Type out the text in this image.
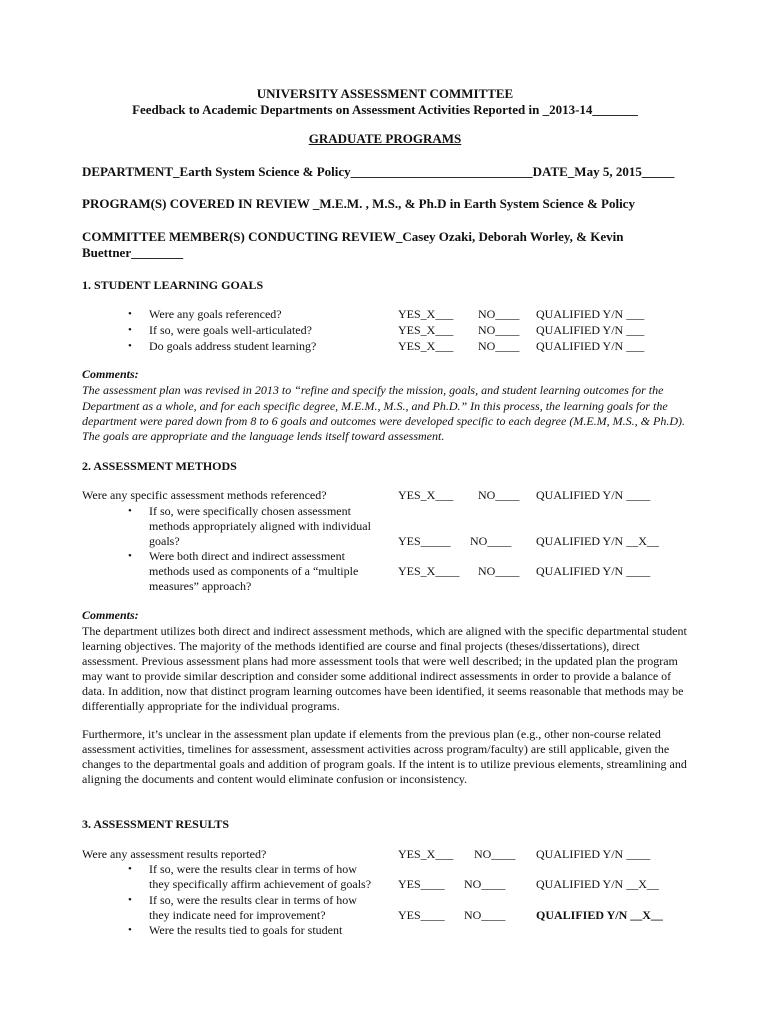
UNIVERSITY ASSESSMENT COMMITTEE
Feedback to Academic Departments on Assessment Activities Reported in _2013-14_______
GRADUATE PROGRAMS
DEPARTMENT_Earth System Science & Policy____________________________DATE_May 5, 2015_____
PROGRAM(S) COVERED IN REVIEW _M.E.M. , M.S., & Ph.D in Earth System Science & Policy
COMMITTEE MEMBER(S) CONDUCTING REVIEW_Casey Ozaki, Deborah Worley, & Kevin
Buettner________
1. STUDENT LEARNING GOALS
• Were any goals referenced?	YES_X___ NO____ QUALIFIED Y/N ___
• If so, were goals well-articulated?	YES_X___ NO____ QUALIFIED Y/N ___
• Do goals address student learning?	YES_X___ NO____ QUALIFIED Y/N ___
Comments:
The assessment plan was revised in 2013 to “refine and specify the mission, goals, and student learning outcomes for the
Department as a whole, and for each specific degree, M.E.M., M.S., and Ph.D.” In this process, the learning goals for the
department were pared down from 8 to 6 goals and outcomes were developed specific to each degree (M.E.M, M.S., & Ph.D).
The goals are appropriate and the language lends itself toward assessment.
2. ASSESSMENT METHODS
Were any specific assessment methods referenced?	YES_X___ NO____ QUALIFIED Y/N ____
• If so, were specifically chosen assessment
methods appropriately aligned with individual
goals?	YES_____ NO____ QUALIFIED Y/N __X__
• Were both direct and indirect assessment
methods used as components of a “multiple
measures” approach?
YES_X____ NO____ QUALIFIED Y/N ____
Comments:
The department utilizes both direct and indirect assessment methods, which are aligned with the specific departmental student
learning objectives. The majority of the methods identified are course and final projects (theses/dissertations), direct
assessment. Previous assessment plans had more assessment tools that were well described; in the updated plan the program
may want to provide similar description and consider some additional indirect assessments in order to provide a balance of
data. In addition, now that distinct program learning outcomes have been identified, it seems reasonable that methods may be
differentially appropriate for the individual programs.
Furthermore, it’s unclear in the assessment plan update if elements from the previous plan (e.g., other non-course related
assessment activities, timelines for assessment, assessment activities across program/faculty) are still applicable, given the
changes to the departmental goals and addition of program goals. If the intent is to utilize previous elements, streamlining and
aligning the documents and content would eliminate confusion or inconsistency.
3. ASSESSMENT RESULTS
Were any assessment results reported?	YES_X___ NO____ QUALIFIED Y/N ____
• If so, were the results clear in terms of how
they specifically affirm achievement of goals? YES____ NO____	QUALIFIED Y/N __X__
• If so, were the results clear in terms of how
they indicate need for improvement?	YES____ NO____	QUALIFIED Y/N __X__
• Were the results tied to goals for student
